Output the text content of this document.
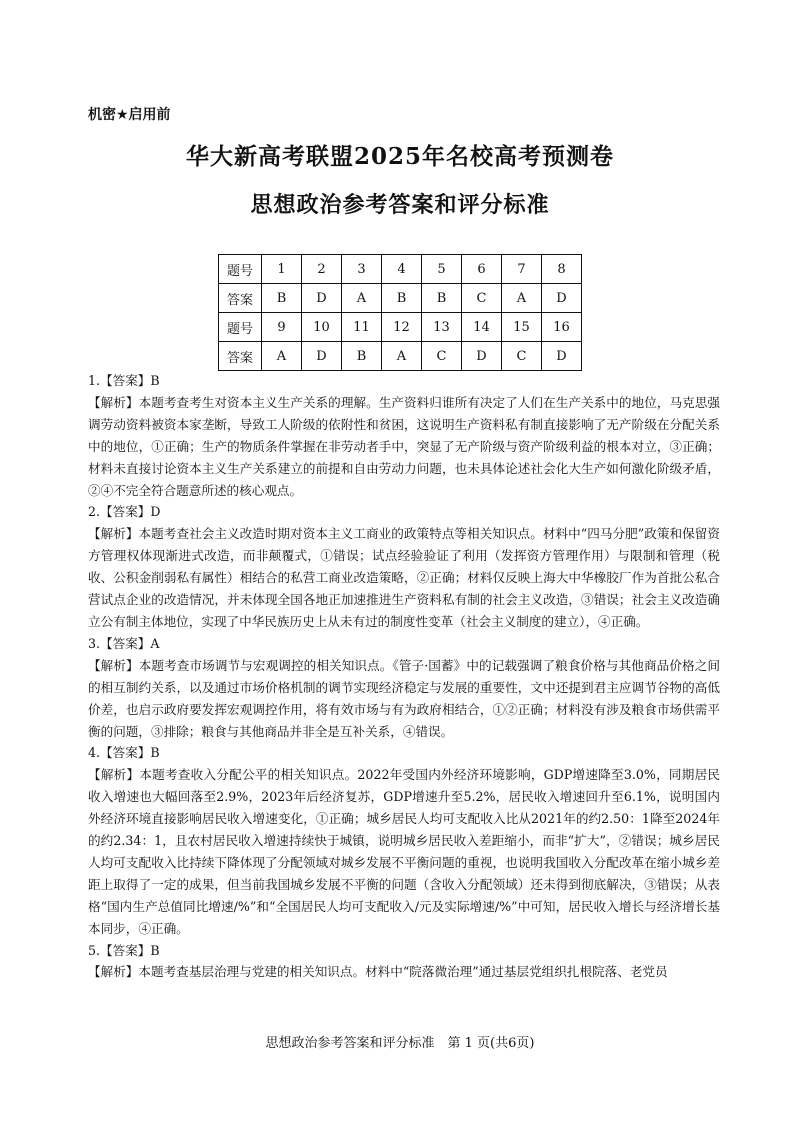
机密★启用前
华大新高考联盟2025年名校高考预测卷
思想政治参考答案和评分标准
题号	1	2	3	4	5	6	7	8
答案	B	D	A	B	B	C	A	D
题号	9	10	11	12	13	14	15	16
答案	A	D	B	A	C	D	C	D

1.【答案】B

【解析】本题考查考生对资本主义生产关系的理解。生产资料归谁所有决定了人们在生产关系中的地位，马克思强调劳动资料被资本家垄断，导致工人阶级的依附性和贫困，这说明生产资料私有制直接影响了无产阶级在分配关系中的地位，①正确；生产的物质条件掌握在非劳动者手中，突显了无产阶级与资产阶级利益的根本对立，③正确；材料未直接讨论资本主义生产关系建立的前提和自由劳动力问题，也未具体论述社会化大生产如何激化阶级矛盾，②④不完全符合题意所述的核心观点。

2.【答案】D

【解析】本题考查社会主义改造时期对资本主义工商业的政策特点等相关知识点。材料中“四马分肥”政策和保留资方管理权体现渐进式改造，而非颠覆式，①错误；试点经验验证了利用（发挥资方管理作用）与限制和管理（税收、公积金削弱私有属性）相结合的私营工商业改造策略，②正确；材料仅反映上海大中华橡胶厂作为首批公私合营试点企业的改造情况，并未体现全国各地正加速推进生产资料私有制的社会主义改造，③错误；社会主义改造确立公有制主体地位，实现了中华民族历史上从未有过的制度性变革（社会主义制度的建立），④正确。

3.【答案】A

【解析】本题考查市场调节与宏观调控的相关知识点。《管子·国蓄》中的记载强调了粮食价格与其他商品价格之间的相互制约关系，以及通过市场价格机制的调节实现经济稳定与发展的重要性，文中还提到君主应调节谷物的高低价差，也启示政府要发挥宏观调控作用，将有效市场与有为政府相结合，①②正确；材料没有涉及粮食市场供需平衡的问题，③排除；粮食与其他商品并非全是互补关系，④错误。

4.【答案】B

【解析】本题考查收入分配公平的相关知识点。2022年受国内外经济环境影响，GDP增速降至3.0%，同期居民收入增速也大幅回落至2.9%，2023年后经济复苏，GDP增速升至5.2%，居民收入增速回升至6.1%，说明国内外经济环境直接影响居民收入增速变化，①正确；城乡居民人均可支配收入比从2021年的约2.50：1降至2024年的约2.34：1，且农村居民收入增速持续快于城镇，说明城乡居民收入差距缩小，而非“扩大”，②错误；城乡居民人均可支配收入比持续下降体现了分配领域对城乡发展不平衡问题的重视，也说明我国收入分配改革在缩小城乡差距上取得了一定的成果，但当前我国城乡发展不平衡的问题（含收入分配领域）还未得到彻底解决，③错误；从表格“国内生产总值同比增速/%”和“全国居民人均可支配收入/元及实际增速/%”中可知，居民收入增长与经济增长基本同步，④正确。

5.【答案】B

【解析】本题考查基层治理与党建的相关知识点。材料中“院落微治理”通过基层党组织扎根院落、老党员

思想政治参考答案和评分标准　第 1 页(共6页)
